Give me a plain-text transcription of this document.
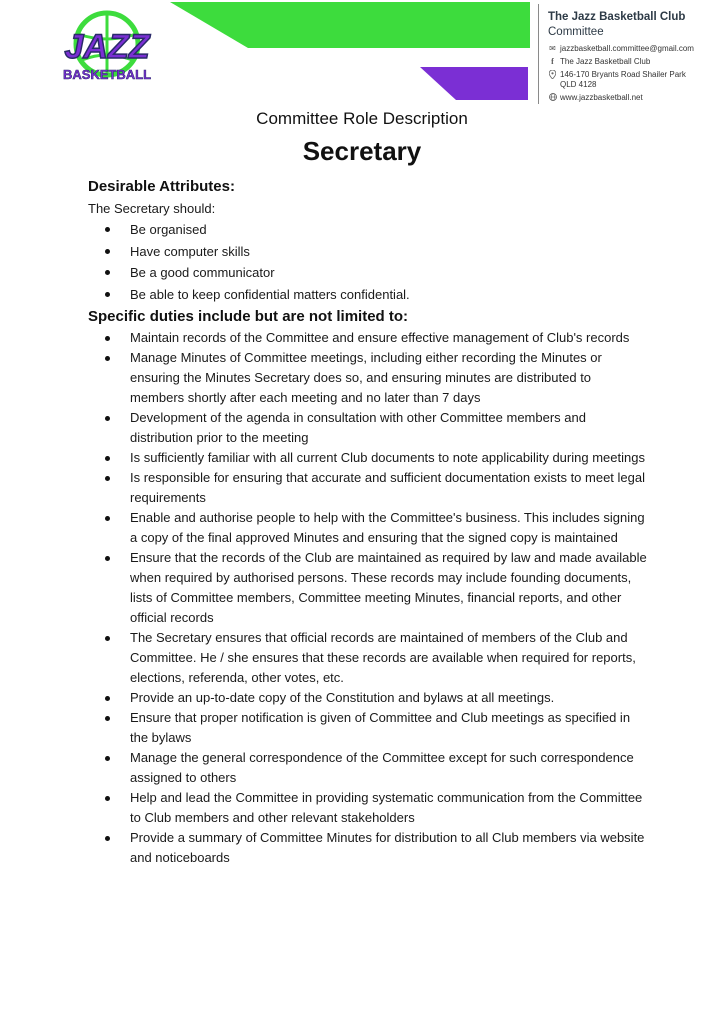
JAZZ
BASKETBALL
The Jazz Basketball Club
Committee
✉ jazzbasketball.committee@gmail.com
f The Jazz Basketball Club
146-170 Bryants Road Shailer Park QLD 4128
www.jazzbasketball.net
Committee Role Description
Secretary
Desirable Attributes:

The Secretary should:

Be organised
Have computer skills
Be a good communicator
Be able to keep confidential matters confidential.
Specific duties include but are not limited to:
Maintain records of the Committee and ensure effective management of Club's records
Manage Minutes of Committee meetings, including either recording the Minutes or ensuring the Minutes Secretary does so, and ensuring minutes are distributed to members shortly after each meeting and no later than 7 days
Development of the agenda in consultation with other Committee members and distribution prior to the meeting
Is sufficiently familiar with all current Club documents to note applicability during meetings
Is responsible for ensuring that accurate and sufficient documentation exists to meet legal requirements
Enable and authorise people to help with the Committee's business. This includes signing a copy of the final approved Minutes and ensuring that the signed copy is maintained
Ensure that the records of the Club are maintained as required by law and made available when required by authorised persons. These records may include founding documents, lists of Committee members, Committee meeting Minutes, financial reports, and other official records
The Secretary ensures that official records are maintained of members of the Club and Committee. He / she ensures that these records are available when required for reports, elections, referenda, other votes, etc.
Provide an up-to-date copy of the Constitution and bylaws at all meetings.
Ensure that proper notification is given of Committee and Club meetings as specified in the bylaws
Manage the general correspondence of the Committee except for such correspondence assigned to others
Help and lead the Committee in providing systematic communication from the Committee to Club members and other relevant stakeholders
Provide a summary of Committee Minutes for distribution to all Club members via website and noticeboards
